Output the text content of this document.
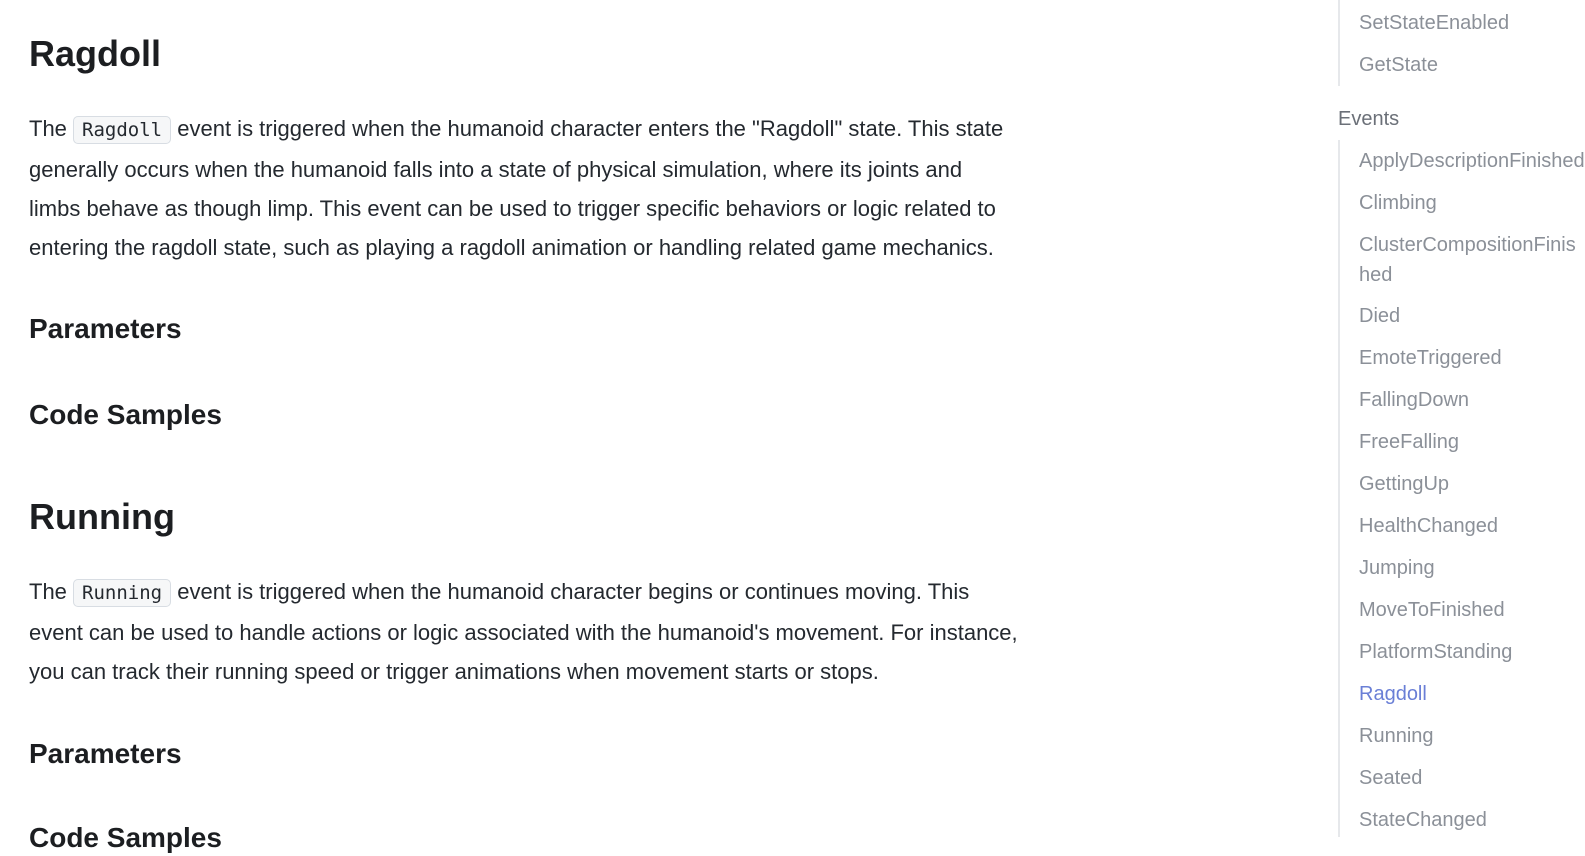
Ragdoll

The Ragdoll event is triggered when the humanoid character enters the "Ragdoll" state. This state

generally occurs when the humanoid falls into a state of physical simulation, where its joints and

limbs behave as though limp. This event can be used to trigger specific behaviors or logic related to

entering the ragdoll state, such as playing a ragdoll animation or handling related game mechanics.

Parameters
Code Samples
Running

The Running event is triggered when the humanoid character begins or continues moving. This

event can be used to handle actions or logic associated with the humanoid's movement. For instance,

you can track their running speed or trigger animations when movement starts or stops.

Parameters
Code Samples
SetStateEnabled
GetState
Events
ApplyDescriptionFinished
Climbing
ClusterCompositionFinished
Died
EmoteTriggered
FallingDown
FreeFalling
GettingUp
HealthChanged
Jumping
MoveToFinished
PlatformStanding
Ragdoll
Running
Seated
StateChanged
